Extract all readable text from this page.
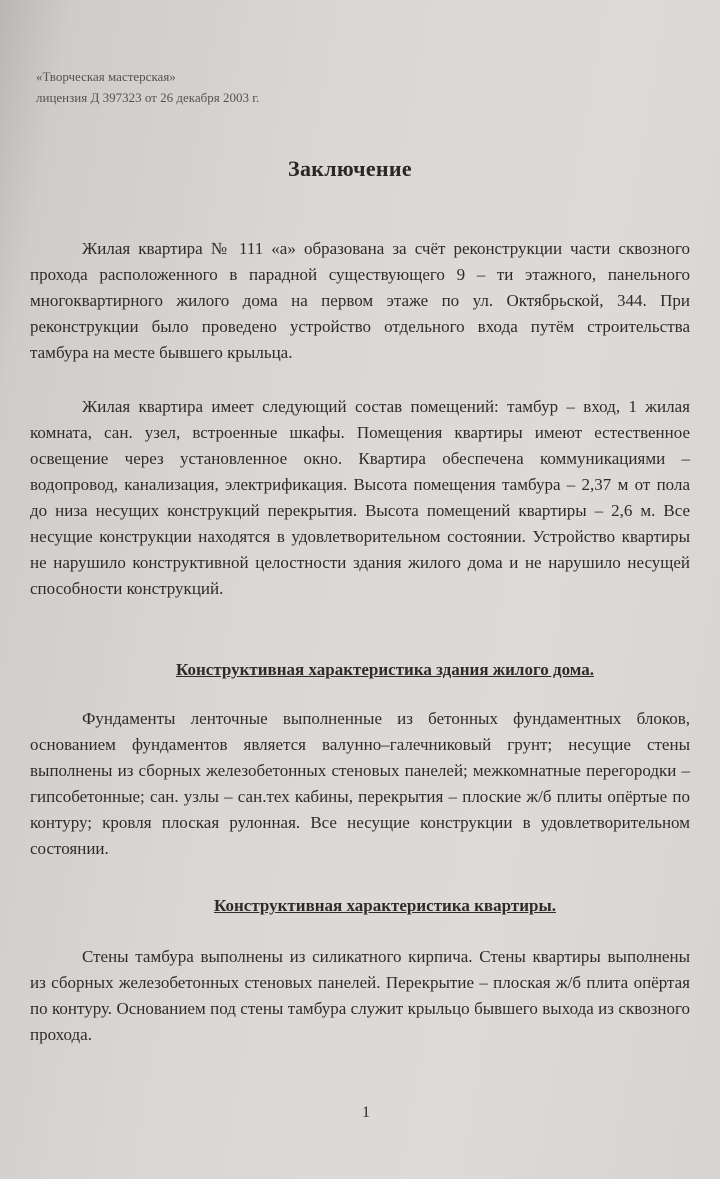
«Творческая мастерская»
лицензия Д 397323 от 26 декабря 2003 г.
Заключение

Жилая квартира № 111 «а» образована за счёт реконструкции части сквозного прохода расположенного в парадной существующего 9 – ти этажного, панельного многоквартирного жилого дома на первом этаже по ул. Октябрьской, 344. При реконструкции было проведено устройство отдельного входа путём строительства тамбура на месте бывшего крыльца.

Жилая квартира имеет следующий состав помещений: тамбур – вход, 1 жилая комната, сан. узел, встроенные шкафы. Помещения квартиры имеют естественное освещение через установленное окно. Квартира обеспечена коммуникациями – водопровод, канализация, электрификация. Высота помещения тамбура – 2,37 м от пола до низа несущих конструкций перекрытия. Высота помещений квартиры – 2,6 м. Все несущие конструкции находятся в удовлетворительном состоянии. Устройство квартиры не нарушило конструктивной целостности здания жилого дома и не нарушило несущей способности конструкций.

Конструктивная характеристика здания жилого дома.

Фундаменты ленточные выполненные из бетонных фундаментных блоков, основанием фундаментов является валунно–галечниковый грунт; несущие стены выполнены из сборных железобетонных стеновых панелей; межкомнатные перегородки – гипсобетонные; сан. узлы – сан.тех кабины, перекрытия – плоские ж/б плиты опёртые по контуру; кровля плоская рулонная. Все несущие конструкции в удовлетворительном состоянии.

Конструктивная характеристика квартиры.

Стены тамбура выполнены из силикатного кирпича. Стены квартиры выполнены из сборных железобетонных стеновых панелей. Перекрытие – плоская ж/б плита опёртая по контуру. Основанием под стены тамбура служит крыльцо бывшего выхода из сквозного прохода.

1
